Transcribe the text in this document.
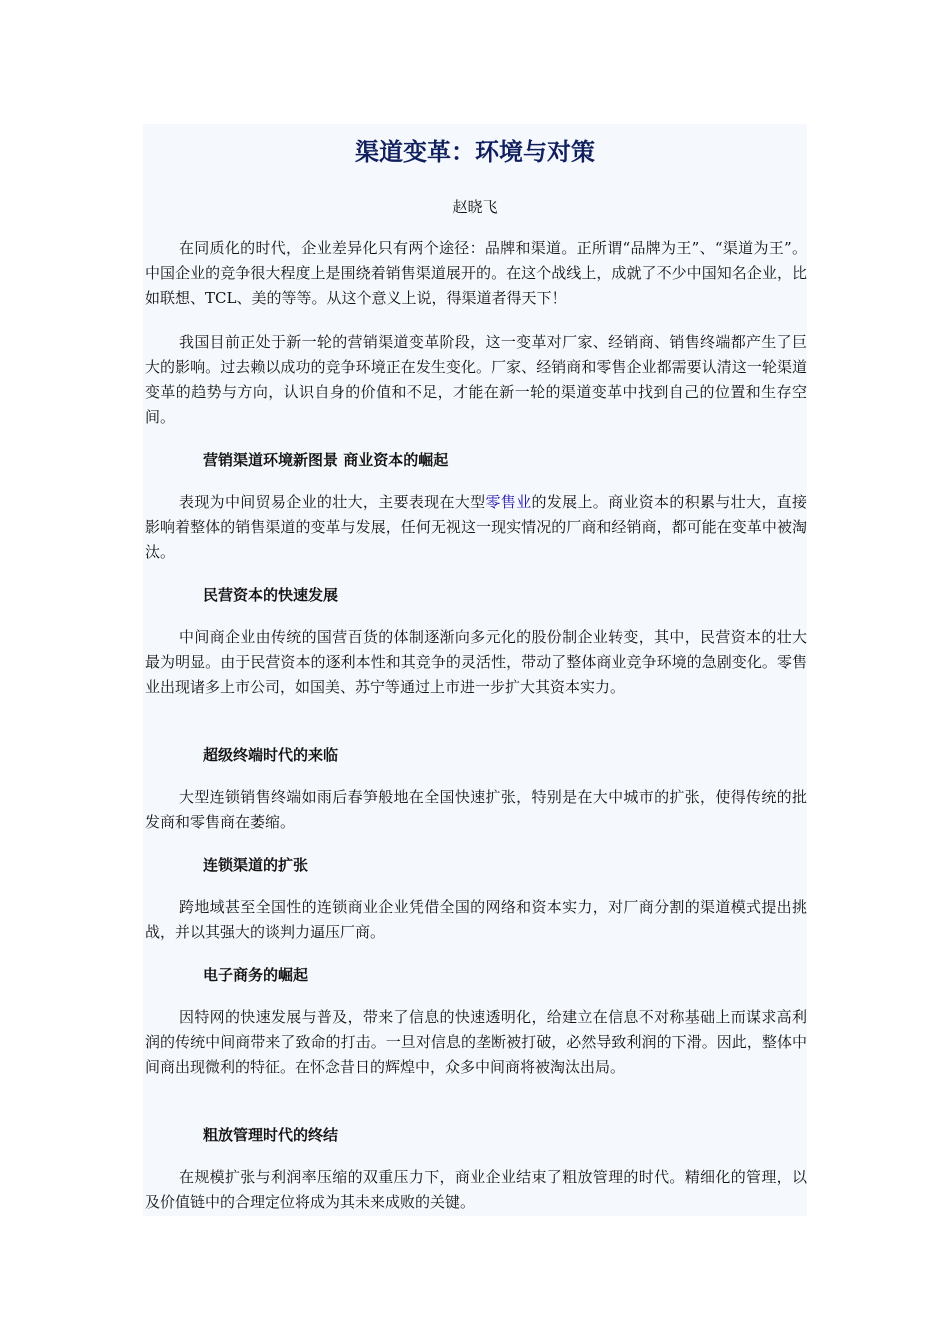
渠道变革：环境与对策

赵晓飞

在同质化的时代，企业差异化只有两个途径：品牌和渠道。正所谓“品牌为王”、“渠道为王”。中国企业的竞争很大程度上是围绕着销售渠道展开的。在这个战线上，成就了不少中国知名企业，比如联想、TCL、美的等等。从这个意义上说，得渠道者得天下！

我国目前正处于新一轮的营销渠道变革阶段，这一变革对厂家、经销商、销售终端都产生了巨大的影响。过去赖以成功的竞争环境正在发生变化。厂家、经销商和零售企业都需要认清这一轮渠道变革的趋势与方向，认识自身的价值和不足，才能在新一轮的渠道变革中找到自己的位置和生存空间。

营销渠道环境新图景 商业资本的崛起

表现为中间贸易企业的壮大，主要表现在大型零售业的发展上。商业资本的积累与壮大，直接影响着整体的销售渠道的变革与发展，任何无视这一现实情况的厂商和经销商，都可能在变革中被淘汰。

民营资本的快速发展

中间商企业由传统的国营百货的体制逐渐向多元化的股份制企业转变，其中，民营资本的壮大最为明显。由于民营资本的逐利本性和其竞争的灵活性，带动了整体商业竞争环境的急剧变化。零售业出现诸多上市公司，如国美、苏宁等通过上市进一步扩大其资本实力。

超级终端时代的来临

大型连锁销售终端如雨后春笋般地在全国快速扩张，特别是在大中城市的扩张，使得传统的批发商和零售商在萎缩。

连锁渠道的扩张

跨地域甚至全国性的连锁商业企业凭借全国的网络和资本实力，对厂商分割的渠道模式提出挑战，并以其强大的谈判力逼压厂商。

电子商务的崛起

因特网的快速发展与普及，带来了信息的快速透明化，给建立在信息不对称基础上而谋求高利润的传统中间商带来了致命的打击。一旦对信息的垄断被打破，必然导致利润的下滑。因此，整体中间商出现微利的特征。在怀念昔日的辉煌中，众多中间商将被淘汰出局。

粗放管理时代的终结

在规模扩张与利润率压缩的双重压力下，商业企业结束了粗放管理的时代。精细化的管理，以及价值链中的合理定位将成为其未来成败的关键。
